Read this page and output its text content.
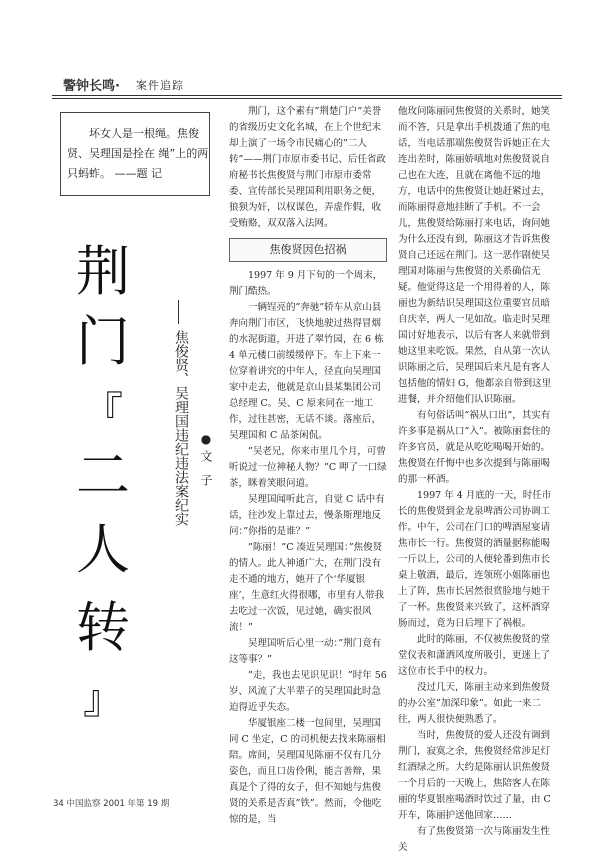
警钟长鸣· 案件追踪

坏女人是一根绳。焦俊贤、吴理国是拴在 绳”上的两只蚂蚱。 ——题 记

荆
门
『
二
人
转
』
焦俊贤、吴理国违纪违法案纪实 ●文 子

荆门，这个素有”荆楚门户”美誉的省级历史文化名城，在上个世纪末却上演了一场令市民痛心的”二人转”——荆门市原市委书记、后任省政府秘书长焦俊贤与荆门市原市委常委、宣传部长吴理国利用职务之便，狼狈为奸，以权谋色，弄虚作假，收受贿赂，双双落入法网。

焦俊贤因色招祸

1997 年 9 月下旬的一个周末，荆门酷热。

一辆锃亮的”奔驰”轿车从京山县奔向荆门市区，飞快地驶过热得冒烟的水泥街道，开进了翠竹园，在 6 栋 4 单元楼口前缓缓停下。车上下来一位穿着讲究的中年人，径直向吴理国家中走去，他就是京山县某集团公司总经理 C。吴、C 原来同在一地工作，过往甚密，无话不谈。落座后，吴理国和 C 品茶闲侃。

”吴老兄，你来市里几个月，可曾听说过一位神秘人物？”C 呷了一口绿茶，眯着笑眼问道。

吴理国闻听此言，自觉 C 话中有话，往沙发上靠过去，慢条斯理地反问：”你指的是谁？”

”陈丽！”C 凑近吴理国：”焦俊贤的情人。此人神通广大，在荆门没有走不通的地方，她开了个‘华厦银座’，生意红火得很哪，市里有人带我去吃过一次饭，见过她，确实很风流！”

吴理国听后心里一动：”荆门竟有这等事？”

”走，我也去见识见识！”时年 56 岁、风流了大半辈子的吴理国此时急迫得近乎失态。

华厦银座二楼一包间里，吴理国同 C 坐定，C 的司机便去找来陈丽相陪。席间，吴理国见陈丽不仅有几分姿色，而且口齿伶俐，能言善辩，果真是个了得的女子，但不知她与焦俊贤的关系是否真”铁”。然而，令他吃惊的是，当

他玫问陈丽同焦俊贤的关系时，她笑而不答，只是拿出手机拨通了焦的电话，当电话那端焦俊贤告诉她正在大连出差时，陈丽娇嗔地对焦俊贤说自己也在大连，且就在离他不远的地方，电话中的焦俊贤让她赶紧过去，而陈丽得意地挂断了手机。不一会儿，焦俊贤给陈丽打来电话，询问她为什么还没有到，陈丽这才告诉焦俊贤自己还远在荆门。这一恶作剧使吴理国对陈丽与焦俊贤的关系确信无疑。他觉得这是一个用得着的人，陈丽也为新结识吴理国这位重要官员暗自庆幸，两人一见如故。临走时吴理国讨好地表示，以后有客人来就带到她这里来吃饭。果然，自从第一次认识陈丽之后，吴理国后来凡是有客人包括他的情妇 G，他都亲自带到这里进餐，并介绍他们认识陈丽。

有句俗话叫”祸从口出”，其实有许多事是祸从口”入”。被陈丽套住的许多官员，就是从吃吃喝喝开始的。焦俊贤在仟悔中也多次提到与陈丽喝的那一杯酒。

1997 年 4 月底的一天，时任市长的焦俊贤到金龙泉啤酒公司协调工作。中午，公司在门口的啤酒屋宴请焦市长一行。焦俊贤的酒量据称能喝一斤以上，公司的人便轮番到焦市长桌上敬酒，最后，连领班小姐陈丽也上了阵，焦市长居然很赏脸地与她干了一杯。焦俊贤来兴致了，这杯酒穿肠而过，竟为日后埋下了祸根。

此时的陈丽，不仅被焦俊贤的堂堂仪表和潇洒风度所吸引，更迷上了这位市长手中的权力。

没过几天，陈丽主动来到焦俊贤的办公室”加深印象”。如此一来二往，两人很快便熟悉了。

当时，焦俊贤的爱人还没有调到荆门，寂寞之余，焦俊贤经常涉足灯红酒绿之所。大约是陈丽认识焦俊贤一个月后的一天晚上，焦陪客人在陈丽的华夏银座喝酒时饮过了量，由 C 开车，陈丽护送他回家……

有了焦俊贤第一次与陈丽发生性关

34 中国监察 2001 年第 19 期
